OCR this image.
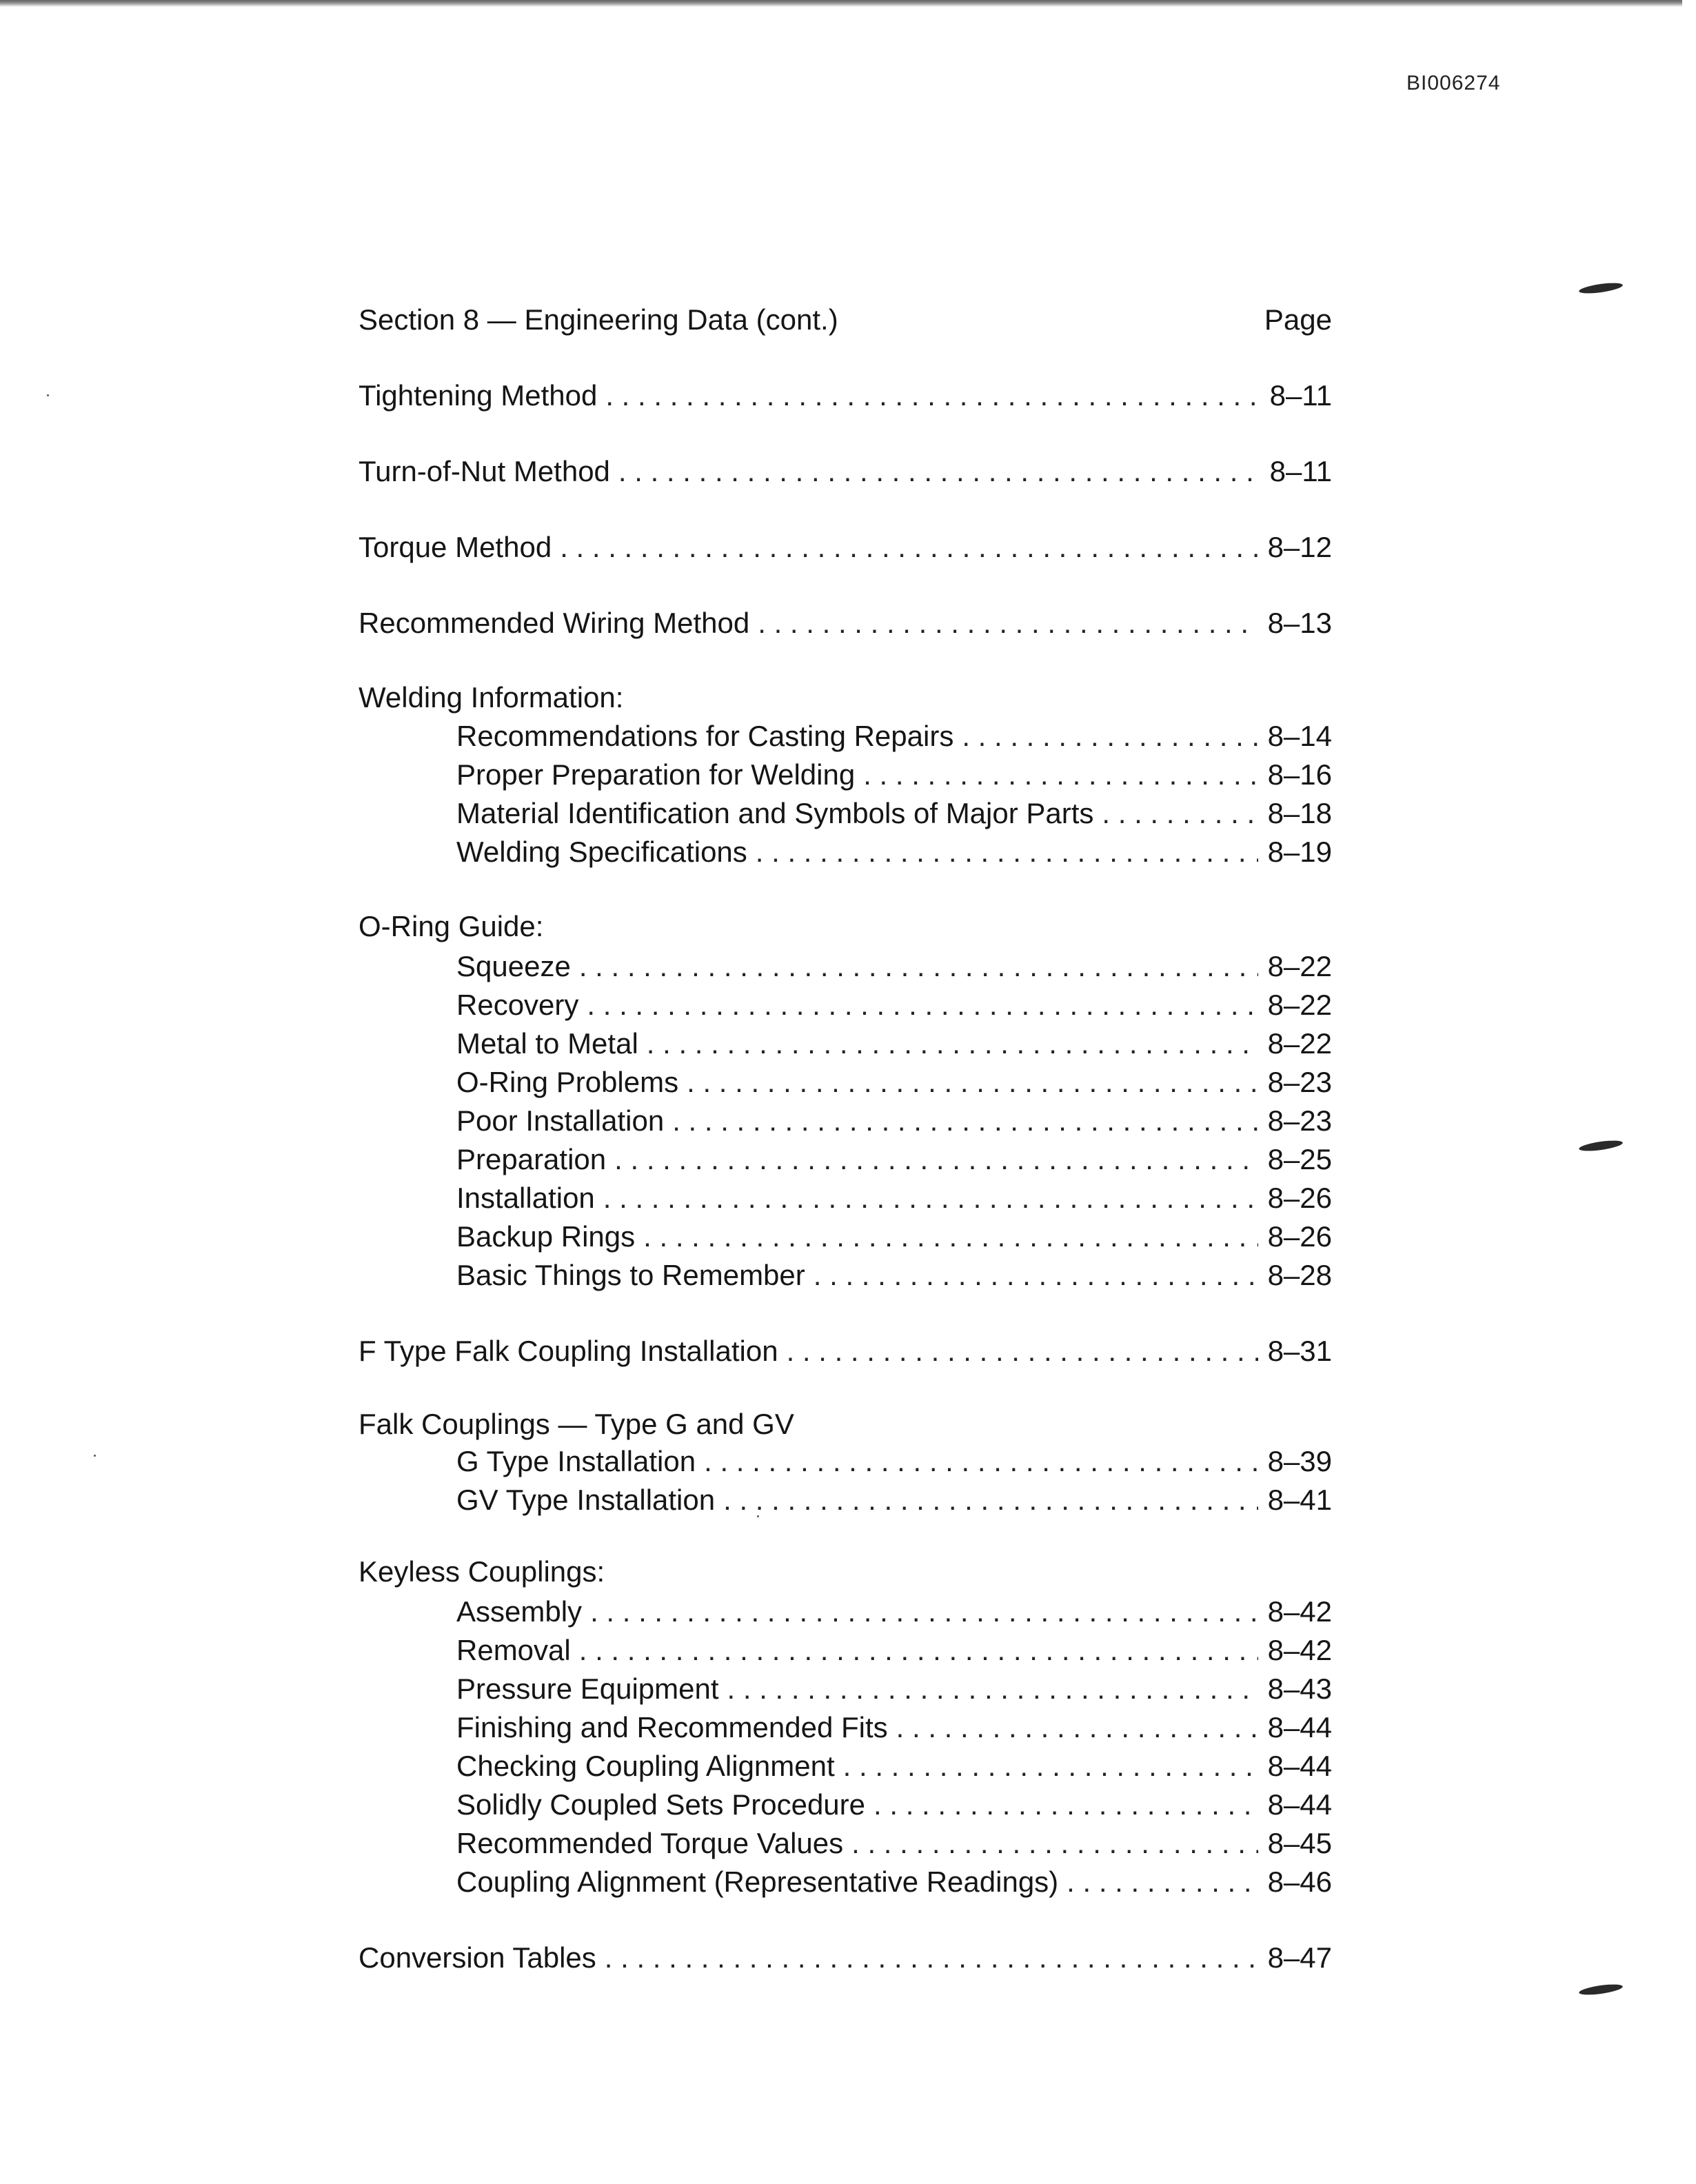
BI006274
Section 8 — Engineering Data (cont.)	Page
Tightening Method . . .	8–11
Turn-of-Nut Method . . .	8–11
Torque Method . . .	8–12
Recommended Wiring Method . . .	8–13
Welding Information:
Recommendations for Casting Repairs . . .	8–14
Proper Preparation for Welding . . .	8–16
Material Identification and Symbols of Major Parts . . .	8–18
Welding Specifications . . .	8–19
O-Ring Guide:
Squeeze . . .	8–22
Recovery . . .	8–22
Metal to Metal . . .	8–22
O-Ring Problems . . .	8–23
Poor Installation . . .	8–23
Preparation . . .	8–25
Installation . . .	8–26
Backup Rings . . .	8–26
Basic Things to Remember . . .	8–28
F Type Falk Coupling Installation . . .	8–31
Falk Couplings — Type G and GV
G Type Installation . . .	8–39
GV Type Installation . . .	8–41
Keyless Couplings:
Assembly . . .	8–42
Removal . . .	8–42
Pressure Equipment . . .	8–43
Finishing and Recommended Fits . . .	8–44
Checking Coupling Alignment . . .	8–44
Solidly Coupled Sets Procedure . . .	8–44
Recommended Torque Values . . .	8–45
Coupling Alignment (Representative Readings) . . .	8–46
Conversion Tables . . .	8–47
